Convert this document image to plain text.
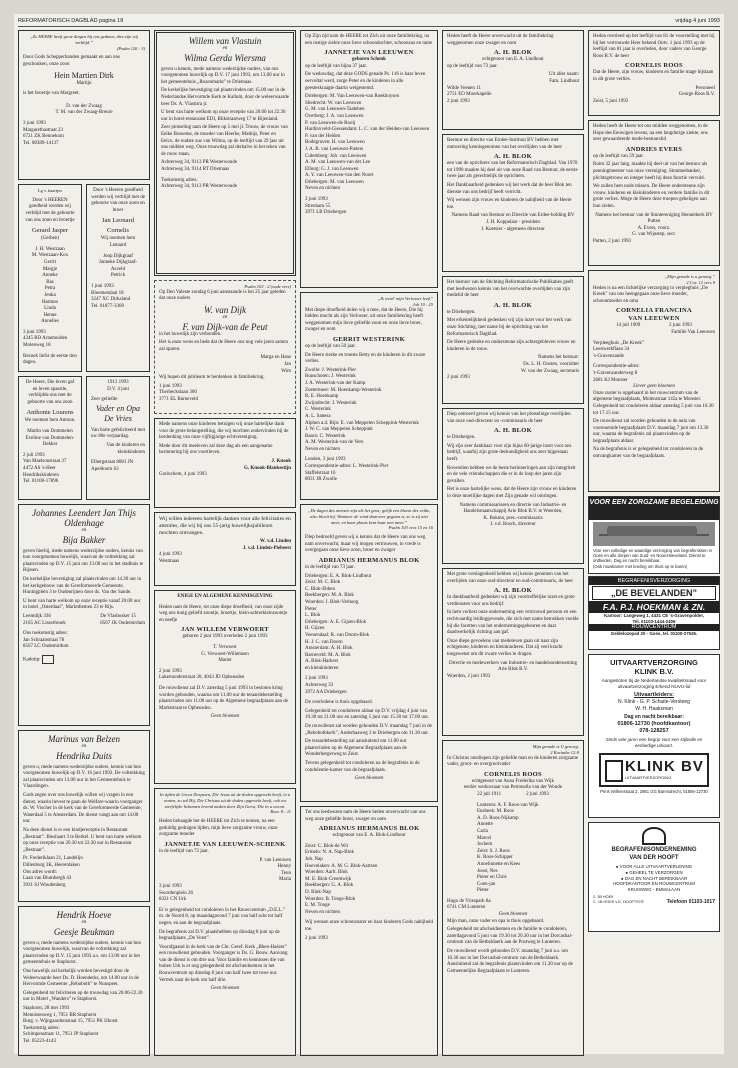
REFORMATORISCH DAGBLAD pagina 18	vrijdag 4 juni 1993
„Zo HEERE heeft grote dingen bij ons gedaan; dies zijn wij verblijd.”
(Psalm 126 : 3)
Door Gods Schepperhanden gemaakt en aan ons geschonken, onze zoon
Hein Martien Dirk
Martijn
is het broertje van Margreet.
D. van der Zwaag
T. M. van der Zwaag-Breure
3 juni 1993
Margarethastraat 23
6721 ZK Bennekom
Tel. 08389-14137
Lg v. kaartjes
Door 's HEEREN goedheid werden wij verblijd met de geboorte van ons zoon en broertje
Gerard Jasper
(Gerben)
J. H. Westzaan
M. Westzaan-Kox
Gerrit
Margje
Anneke
Bas
Petra
Jenka
Harmen
Linda
Henne
Annelies
3 juni 1993
4345 RD Arnemuiden
Molenweg 18
Bezoek liefst de eerste tien dagen.
Door 's Heeren goedheid werden wij verblijd met de geboorte van onze zoon en broer
Jan Leonard Cornelis
Wij noemen hem
Lennard
Joop Dijkgraaf
Janneke Dijkgraaf-
Asveld
Petrick
1 juni 1993
Bloemendaal 18
3247 XC Dirksland
Tel. 01877-3360
De Heere, Die leven gaf en leven spaarde, verblijdde ons met de geboorte van ons zoon
Anthonie Lourens
We noemen hem Antoon.
Martin van Dommelen
Eveline van Dommelen-Dekker
2 juli 1993
Van Maelsonstraat 37
4472 AS 's-Heer Hendrikskinderen
Tel. 01100-17896
1913 1993
D.V. 4 juni
Zeer geliefde
Vader en Opa
De Vries
Van harte gefeliciteerd met uw 80e verjaardag.
Van de kinderen en kleinkinderen
Elbergstraat 8081 JN
Apeldoorn 63
Johannes Leendert Jan Thijs Oldenhage
en
Bija Bakker
geven hierbij, mede namens wederzijdse ouders, kennis van hun voorgenomen huwelijk, waarvan de voltrekking zal plaatsvinden op D.V. 15 juni om 13.00 uur in het stadhuis te Rijssen.
De kerkelijke bevestiging zal plaatsvinden om 14.30 uur in het kerkgebouw van de Gereformeerde Gemeente, Huningplein 3 te Oudenrijnen door ds. Van der Sande.
U bent van harte welkom op onze receptie vanaf 20.00 uur in hotel „Osterdaal”, Marktdiemen 23 te Rijs.
Leemdijk 336
2165 AC Lisserbroek
De Vlasbosker 15
8567 JK Oudemirdum
Ons toekomstig adres:
Jan Schraanstraat 78
8567 LC Oudemirdum
Kadotip:
Marinus van Belzen
en
Hendrika Duits
geven u, mede namens wederzijdse ouders, kennis van hun voorgenomen huwelijk op D.V. 16 juni 1993. De voltrekking zal plaatsvinden om 13.00 uur in het Gemeentehuis te Vlaardingen.
Gods zegen over ons huwelijk willen wij vragen in een dienst, waarin bevest te gaan de Welfare-waarin voorganger ds. W. Vischer in de kerk van de Gereformeerde Gemeente, Waterdaal 5 te Amsterdam. De dienst vangt aan om 14.00 uur.
Na deze dienst is er een kindjereceptie in Restaurant „Bestraat”. Bieshaart 3 te Berkel. U bent van harte welkom op onze receptie van 20.30 tot 22.30 uur in Restaurant „Bestraat”.
Pr. Frederiklaan 21, Landelijn
Dillenburg 3K, Heerenlaken
Ons adres wordt:
Laan van Blumbergh 43
3931 SJ Woudenberg
Hendrik Hoeve
en
Geesje Beukman
geven u, mede namens wederzijdse ouders, kennis van hun voorgenomen huwelijk, waarvan de voltrekking zal plaatsvinden op D.V. 15 juni 1993 a.s. om 13.00 uur in het gemeentehuis te Staphorst.
Ons huwelijk zal kerkelijk worden bevestigd door de Weleerwaarde heer Ds. D. Hoenderks, om 14.00 uur in de Hervormde Gemeente „Rehoboth” te Nunspeet.
Gelegenheid tot feliciteren op de trouwdag van 20.00-22.30 uur in Motel „Wanders” te Staphorst.
Staphorst, 28 mei 1993
Mennistesweg 1, 7951 BR Staphorst
Burg. v. Wijngaardenstraat 15, 7951 PK IJhorst
Toekomstig adres:
Schimpenstraat 11, 7951 JP Staphorst
Tel. 05223-4143
Willem van Vlastuin
en
Wilma Gerda Wiersma
geven u kennis, mede namens wederzijdse ouders, van ons voorgenomen huwelijk op D.V. 17 juni 1993, om 13.00 uur in het gemeentehuis „Rozenmarkt” te Driemaas.
De kerkelijke bevestiging zal plaatsvinden om 15.00 uur in de Nederlandse Hervormde Kerk te Kallum, door de weleerwaarde heer Ds. A. Vlastirra jr.
U bent van harte welkom op onze receptie van 20.00 tot 22.30 uur in hotel-restaurant EDI, Blikstraatweg 17 te Bijenland.
Zeer plotseling nam de Heere op 5 mei jl. Trouw, de vrouw van Eelke Bosseme, de moeder van Heerke, Mathijs, Peter en Eelco, de oudste zus van Wilma, op de leeftijd van 29 jaar uit ons midden weg. Onze trouwdag zal derhalve in het teken van de rouw staan.
Achterweg 34, 9113 PR Westerwoude
Achterweg 34, 9114 RT Driemaas
Toekomstig adres:
Achterweg 34, 9113 PR Westerwoude
Psalm 103 : 2 (oude vers)
Op Den Valeste zondag 6 juni aanstaande is het 25 jaar geleden dat onze ouders
W. van Dijk
en
F. van Dijk-van de Peut
in het huwelijk zijn verbonden.
Het is onze wens en bede dat de Heere ons nog vele jaren samen zal sparen.
Marga en Hans
Jan
Wim
Wij hopen dit jubileum te herdenken in familiekring.
1 juni 1993
Therbeckslaan 300
3771 EL Barneveld
Mede namens onze kinderen betuigen wij onze hartelijke dank voor de grote belangstelling, die wij mochten ondervinden bij de herdenking van onze vijftigjarige echtvereniging.
Mede door dit meeleven zal deze dag als een aangename herinnering bij ons voortleven.
J. Knook
G. Knook-Blankestijn
Gorinchem, 4 juni 1993
Wij willen iedereen hartelijk danken voor alle felicitaties en attenties, die wij bij ons 55-jarig huwelijksjubileum mochten ontvangen.
W. v.d. Linden
J. v.d. Linden-Piebeest
4 juni 1993
Westmaas
ENIGE EN ALGEMENE KENNISGEVING
Heden nam de Heere, tot onze diepe droefheid, van onze zijde weg ons innig geliefd zoontje, broertje, klein-achterkleinzoontje en neefje
JAN WILLEM VERWOERT
geboren 2 juni 1993 overleden 2 juni 1993
T. Verwoert
G. Verwoert-Willemsen
Mariet
2 juni 1993
Lakemonderstraat 30, 4043 JD Opheusden
De rouwdienst zal D.V. zaterdag 5 juni 1993 in besloten kring worden gehouden, waarna om 11.00 uur de teraardebestelling plaatsvinden om 11.00 uur op de Algemene begraafplaats aan de Marktstraat te Opheusden.
Geen bloemen
In tijden de Groot Dorpsten, Die Jezus uit de doden opgewekt heeft, in u wonen, zo zal Hij, Die Christus uit de doden opgewekt heeft, ook uw sterfelijke lichamen levend maken door Zijn Geest, Die in u woont.
Rom. 8 : 11
Heden behaagde het de HEERE tot Zich te nemen, na een geduldig gedragen lijden, mijn lieve zorgzame vrouw, onze zorgzame moeder
JANNETJE VAN LEEUWEN-SCHENK
in de leeftijd van 72 jaar.
P. van Leeuwen
Henny
Teun
Maria
3 juni 1993
Swordenplein 26
8321 CN Urk
Er is gelegenheid tot condoleren in het Rouwcentrum „D.E.L.” m. de Noord 8, op maandagavond 7 juni van half acht tot half negen, en aan de begraafplaats.
De begrafenis zal D.V. plaatshebben op dinsdag 8 juni op de begraafplaats „De Vorst”.
Voorafgaand in de kerk van de Chr. Geref. Kerk „Bhen-Haëzer” een rouwdienst gehouden. Voorganger is Ds. G. Bouw. Aanvang van de dienst is om drie uur. Voor familie en kennissen die van buiten Urk is er nog gelegenheid tot afscheidnemen in het Rouwcentrum op dinsdag 8 juni van half twee tot twee uur. Vertrek naar de kerk om half drie.
Geen bloemen
Op Zijn tijd nam de HEERE tot Zich uit onze familiekring, na een rustige ziekte onze lieve schoondochter, schoonzus en tante
JANNETJE VAN LEEUWEN
geboren Schenk
op de leeftijd van bijna 37 jaar.
De weduwdag, dat deze GODS genade Ps. 116 is haar leven oervoltal werd, zorge Peter en de kinderen in alle geesteskraagte daarin welgestemd.
Driebergen: M. Van Leeuwen-van Roekhuysen
Sliedrecht: W. van Leeuwen
G. M. van Leeuwen-Taaleben
Overberg: J. A. van Leeuwen
P. van Leeuwen-de Rooij
Hardinxveld-Giessendam: L. C. van der Heiden-van Leeuwen
P. van der Heiden
Bodegraven: H. van Leeuwen
J. A. B. van Leeuwen-Pieters
Culemborg: Joh. van Leeuwen
A. M. van Leeuwen-van der Lee
Elburg: G. J. van Leeuwen
A. Y. van Leeuwen-van den Noort
Driebergen: M. van Leeuwen
Neven en nichten
3 juni 1993
Streuham 55
3971 LB Driebergen
„Ik werd' mijn Verlosser leeft”
Job 19 : 25
Met diepe droefheid delen wij u mee, dat de Heere, Die hij bidden mocht als zijn Verlosser, uit onze familiekring heeft weggenomen mijn lieve geliefde zoon en onze lieve broer, zwager en oom
GERRIT WESTERINK
op de leeftijd van 50 jaar.
De Heere sterke en troeste Betty en de kinderen in dit zware verlies.
Zwolle: J. Westerink-Pier
Bunschoten: J. Westerink
J. A. Westerink-van der Kamp
Zoetermeer: M. Hoenkamp-Westerink
R. E. Hoenkamp
Zwijndrecht: J. Westerink
C. Westerink
A. L. Sanesa
Alphen a.d. Rijn: E. van Meppelen Scheppink-Westerink
J. W. C. van Meppelen Scheppink
Baarn: C. Westerink
A. M. Westerink-van de Vere
Neven en nichten
Londen, 3 juni 1993
Correspondentie-adres: L. Westerink-Pier
Staffelstraat 16
8031 JR Zwolle
„De dagen des mensen zijn als het gras; gelijk een bloem des velds, alzo bloeit hij. Wanneer de wind daarover gegaan is, zo is zij niet meer, en haar plaats kent haar niet meer.”
Psalm 103 vers 15 en 16
Diep bedroefd geven wij u kennis dat de Heere van ons weg nam onverwacht, maar wij mogen vertrouwen, in vrede is overgegaan onze lieve zoon, broer en zwager
ADRIANUS HERMANUS BLOK
in de leeftijd van 73 jaar.
Driebergen: E. A. Blok-Lindhout
Zeist: M. C. Blok
C. Blok-Ebben
Beekbergen: M. A. Blok
Woerden: J. Blok-Verhoog
Pieter
L. Blok
Driebergen: A. E. Gijzen-Blok
H. Gijzen
Veenendaal: R. van Doorn-Blok
H. J. C. van Doorn
Amsterdam: A. H. Blok
Barneveld: M. A. Blok
A. Blok-Harkers
en kleinkinderen
2 juni 1993
Achterweg 33
3972 AA Driebergen
De overledene is thuis opgebaard.
Gelegenheid tot condoleren aldaar op D.V. vrijdag 4 juni van 19.30 tot 21.00 uur en zaterdag 5 juni van 15.30 tot 17.00 uur.
De rouwdienst zal worden gehouden D.V. maandag 7 juni in de „Rehobothkerk”, Anderhaaweg 3 te Driebergen om 11.30 uur.
De teraardebestelling zal aansluitend om 11.00 uur plaatsvinden op de Algemene Begraafplaats aan de Wonderbergerweg te Zeist.
Tevens gelegenheid tot condoleren na de begrafenis in de condolentie-kamer van de begraafplaats.
Geen bloemen
Tot ons leedwezen nam de Heere heden onverwacht van ons weg onze geliefde broer, zwager en oom
ADRIANUS HERMANUS BLOK
echtgenoot van E. A. Blok-Lindhout
Zeist: C. Blok-de Wit
Ermelo: N. A. Nap-Blok
Joh. Nap
Hoevelaken: A. M. G. Blok-Aartsen
Woerden: Aarlt. Blok
M. E. Blok-Creemwijk
Beekbergen: G. A. Blok
D. Blok-Nap
Woerden: B. Tonge-Blok
E. M. Tonge
Neven en nichten
Wij wensen onze schoonzuster en haar kinderen Gods nabijheid toe.
2 juni 1993
Heden heeft de Heere onverwacht uit de familiekring weggenomen onze zwager en oom
A. H. BLOK
echtgenoot van E. A. Lindhout
op de leeftijd van 73 jaar.
Uit aller naam:
Fam. Lindhout
Wilde Veenen 11
2751 EO Moerkapelle
2 juni 1993
Bestuur en directie van Ernlee-Instituut BV hebben met ontroering kennisgenomen van het overlijden van de heer
A. H. BLOK
een van de oprichters van het Reformatorisch Dagblad. Van 1970 tot 1990 maakte hij deel uit van onze Raad van Bestuur, de eerste twee jaar als gerechtelijk de oprichters.
Het Dankbaarheid gedenken wij het werk dat de heer Blok ten dienste van ons bedrijf heeft verricht.
Wij wensen zijn vrouw en kinderen de nabijheid van de Heere toe.
Namens Raad van Bestuur en Directie van Erdee-holding BV
J. H. Koppelaar - president
J. Koetsier - algemeen directeur
Het bestuur van de Stichting Reformatorische Publikaties geeft met leedwezen kennis van het overwachte overlijden van zijn medelid de heer
A. H. BLOK
te Driebergen.
Met erkentelijkheid gedenken wij zijn inzet voor het werk van onze Stichting, met name bij de oprichting van het Reformatorisch Dagblad.
De Heere gedenke en ondersteune zijn achtergebleven vrouw en kinderen in de rouw.
Namens het bestuur:
Ds. L. H. Oosten, voorzitter
W. van der Zwaag, secretaris
2 juni 1993
Diep ontroerd geven wij kennis van het plotselinge overlijden van onze oud-directeur en -commissaris de heer
A. H. BLOK
te Driebergen.
Wij zijn zeer dankbaar voor zijn bijna 60-jarige inzet voor ons bedrijf, waarbij zijn grote deskundigheid ons zeer bijgestaan heeft.
Bovendien hebben we de beste herinneringen aan zijn integriteit en de vele vriendschappen die er in de loop der jaren zijn gevallen.
Het is onze hartelijke wens, dat de Heere zijn vrouw en kinderen in deze moeilijke dagen met Zijn genade wil omringen.
Namens commissarissen en directie van Industrie- en Handelsmaatschappij Arie Blok B.V. te Woerden,
K. Bokma, pres.-commissaris
J. v.d. Bosch, directeur
Met grote verslagenheid hebben wij kennis genomen van het overlijden van onze oud-directeur en oud-commissaris, de heer
A. H. BLOK
In dankbaarheid gedenken wij zijn voortreffelijke inzet en grote verdiensten voor ons bedrijf.
In hem verliest onze onderneming een vertrouwd persoon en een rechtvaardig leidinggevende, die zich met name betrokken voelde bij die facetten van het ondernemingsgebeuren en daar daadwerkelijk richting aan gaf.
Onze diepe gevoelens van medeleven gaan uit naar zijn echtgenote, kinderen en kleinkinderen. Dat zij veel kracht toegewenst om dit zware verlies te dragen.
Directie en medewerkers van Industrie- en handelsonderneming Arie Blok B.V.
Woerden, 2 juni 1993
Mijn genade is U genoeg.
2 Korinthe 12:9
In Christus ontsliepen zijn geliefde man en de kinderen zorgzame vader, groot- en overgrootvader
CORNELIS ROOS
echtgenoot van Anna Frederika van Wijk
eerder weduwnaar van Petronella van der Woude
22 juli 1911                    2 juni 1993
Lunteren: A. F. Roos-van Wijk
Ensbeek: M. Roos
A. D. Roos-Nijkamp
Annette
Carla
Marcel
Jochem
Zeist: S. J. Roos
K. Roos-Schipper
Annelinnette en Kees
Joost, Nes
Pieter en Chris
Coen-jan
Pieter
Hugo de Vriespark 8a
6741 CM Lunteren
Geen bloemen
Mijn man, onze vader en opa is thuis opgebaard.
Gelegenheid tot afscheidnemen en de familie te condoleren, zaterdagavond 5 juni van 19.30 tot 20.30 uur in het Dorcasbal-centrum van de Betheldaerk aan de Postweg te Lunteren.
De rouwdienst wordt gehouden D.V. maandag 7 juni a.s. om 10.30 uur in het Dorcasbal-centrum van de Betheldaerk. Aansluitend zal de begrafenis plaatsvinden om 11.30 uur op de Gemeentelijke Begraafplaats te Lunteren.
Heden overleed op het leeftijd van 81 de voorstelling met hij bij het vertrouwde Heer bekend Ontv. 1 juni 1993 op de leeftijd van 81 jaar is overleden, door vaders van George Roos B.V. de heer
CORNELIS ROOS
Dat de Heere, zijn vrouw, kinderen en familie mage bijstaan in dit grote verlies.
Personeel
George Roos B.V.
Zeist, 5 juni 1993
Heden heeft de Heere tot ons midden weggenomen, in de Hope des Eeuwigen levens, na een langdurige ziekte, ons zeer gewaardeerde mede-bestuurslid
ANDRIES EVERS
op de leeftijd van 59 jaar.
Ruim 32 jaar lang, maakte hij deel uit van het bestuur als penningmeester van onze vereniging. Stonmeebanker, plichtsgetrouw en integer heeft hij deze functie vervuld.
We zullen hem node missen. De Heere ondersteune zijn vrouw, kinderen en kleinkinderen en verdere familie in dit grote verlies. Moge de Heere deze troepen geheligen aan hun zielen.
Namens het bestuur van de Stuntereniging Hennetkerk BV Putten
A. Evers, voorz.
G. van Wijnstep, secr.
Putten, 2 juni 1993
„Mijn genade is u genoeg.”
2 Cor. 12 vers 9
Heden is na een lichtelijke verzorging in verpleghuis „De Kreek” van ons heengegaan onze lieve moeder, schoonmoeder en oma
CORNELIA FRANCINA
VAN LEEUWEN
14 juli 1909                       2 juni 1993
Familie Van Leeuwen
Verpleeghuis „De Kreek”
Leenwerkflaan 34
's-Gravenzande
Correspondentie-adres:
't-Gravenzanderweg 8
2681 KJ Monster
Liever geen bloemen
Onze zuster is opgebaard in het rouwcentrum van de algemene begraafplaats, Molenstraat 145a te Monster. Gelegenheid tot condoleren aldaar zaterdag 5 juni van 16.30 tot 17.15 uur.
De rouwdienst zal worden gehouden in de aula van voornoemde begraafplaats D.V. maandag 7 juni om 13.30 uur, waarna de begrafenis zal plaatsvinden op de begraafplaats aldaar.
Na de begrafenis is er gelegenheid tot condoleren in de ontvangkamer van de begraafplaats.
VOOR EEN ZORGZAME BEGELEIDING
Voor een volledige en waardige verzorging van begrafenissen in Goes en alle dorpen van Zuid- en Noord-Beveland. Dienst te ontbieden. Dag en nacht bereikbaar.
(Ook rouwkamer met koeling om thuis op te baren)
BEGRAFENISVERZORGING
„DE BEVELANDEN”
F.A. P.J. HOEKMAN & ZN.
Kantoor: Langeweg 1, 4431 CE 's-Gravenpolder,
Tel. 01103-1444-2409
ROUWCENTRUM
Geldelozepad 20 - Goes, tel. 01100-27526.
UITVAARTVERZORGING
KLINK B.V.
Aangesloten bij de Nederlandse kwaliteitsraad voor uitvaartverzorging Erkend NUVU-lid
Uitvaartleiders:
N. Klink - G. P. Schuite-Versteeg
W. H. Haaksman
Dag en nacht bereikbaar:
01806-12730 (hoofdkantoor)
078-128257
Sinds vele jaren een begrip voor een stijlvolle en eerbiedige uitvaart.
KLINK BV
UITVAARTVERZORGING
Prins Willemstraat 2, 2951 GG Barendrecht, 01806-12730
BEGRAFENISONDERNEMING
VAN DER HOOFT
● VOOR ALLE UITVAARTVERLENING
● GEHEEL TE VERZORGEN
● DAG EN NACHT BEREIKBAAR
HOOFDKANTOOR EN ROUWCENTRUM
KRUISWEG - EMMALAAN
2. 3B HOEK
C. 1B HOEK v.D. HOOFTSTR	Telefoon 01103-1017
